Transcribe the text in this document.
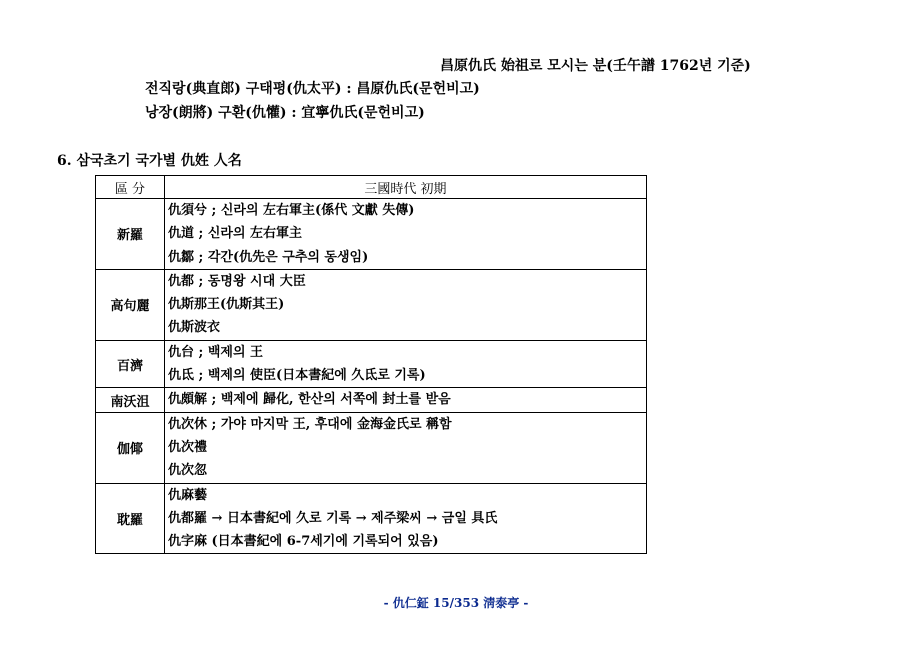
昌原仇氏 始祖로 모시는 분(壬午譜 1762년 기준)
전직랑(典直郎) 구태평(仇太平) : 昌原仇氏(문헌비고)
낭장(朗將) 구환(仇懽) : 宜寧仇氏(문헌비고)
6. 삼국초기 국가별 仇姓 人名
區 分	三國時代 初期
新羅	仇須兮 ; 신라의 左右軍主(係代 文獻 失傳)
仇道 ; 신라의 左右軍主
仇鄒 ; 각간(仇先은 구추의 동생임)

高句麗	仇都 ; 동명왕 시대 大臣
仇斯那王(仇斯其王)
仇斯波衣

百濟	仇台 ; 백제의 王
仇氐 ; 백제의 使臣(日本書紀에 久氐로 기록)

南沃沮	仇頗解 ; 백제에 歸化, 한산의 서쪽에 封土를 받음

伽倻	仇次休 ; 가야 마지막 王, 후대에 金海金氏로 稱함
仇次禮
仇次忽

耽羅	仇麻藝
仇都羅 → 日本書紀에 久로 기록 → 제주梁씨 → 금일 具氏
仇字麻 (日本書紀에 6-7세기에 기록되어 있음)
- 仇仁鉦 15/353 淸泰亭 -
